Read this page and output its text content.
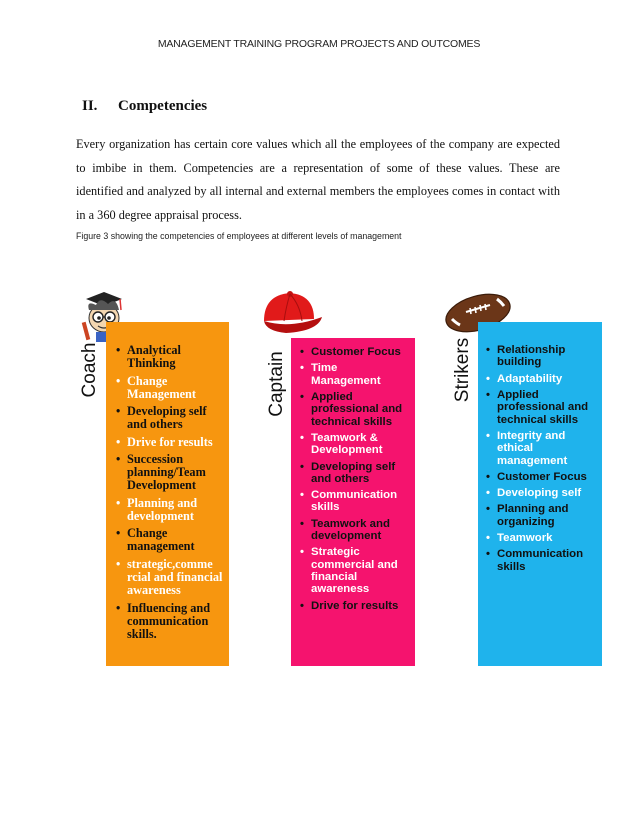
MANAGEMENT TRAINING PROGRAM PROJECTS AND OUTCOMES
II. Competencies
Every organization has certain core values which all the employees of the company are expected to imbibe in them. Competencies are a representation of some of these values. These are identified and analyzed by all internal and external members the employees comes in contact with in a 360 degree appraisal process.
Figure 3 showing the competencies of employees at different levels of management
Coach	Captain	Strikers
• Analytical Thinking
• Change Management
• Developing self and others
• Drive for results
• Succession planning/Team Development
• Planning and development
• Change management
• strategic,comme rcial and financial awareness
• Influencing and communication skills.
• Customer Focus
• Time Management
• Applied professional and technical skills
• Teamwork & Development
• Developing self and others
• Communication skills
• Teamwork and development
• Strategic commercial and financial awareness
• Drive for results
• Relationship building
• Adaptability
• Applied professional and technical skills
• Integrity and ethical management
• Customer Focus
• Developing self
• Planning and organizing
• Teamwork
• Communication skills
